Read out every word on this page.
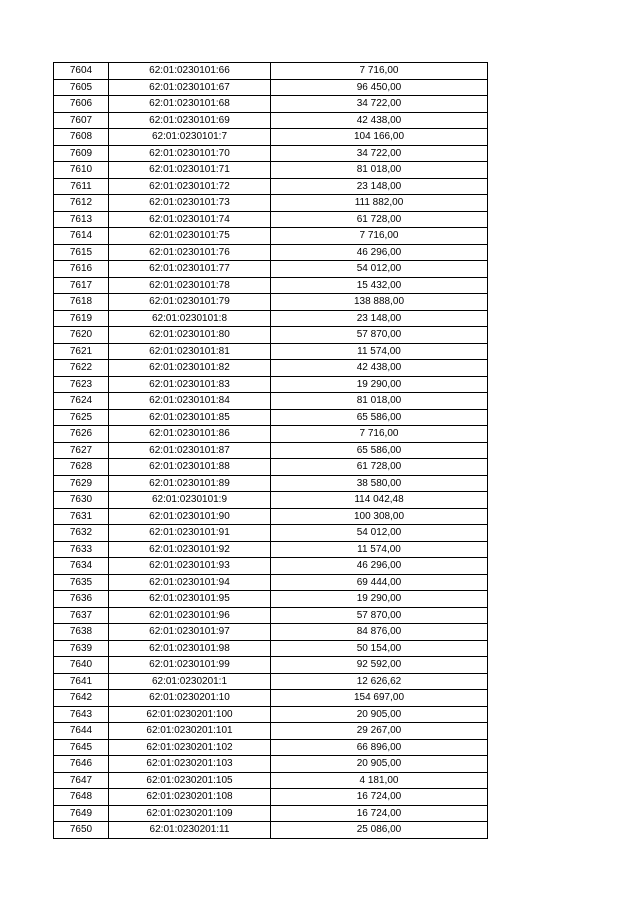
7604	62:01:0230101:66	7 716,00
7605	62:01:0230101:67	96 450,00
7606	62:01:0230101:68	34 722,00
7607	62:01:0230101:69	42 438,00
7608	62:01:0230101:7	104 166,00
7609	62:01:0230101:70	34 722,00
7610	62:01:0230101:71	81 018,00
7611	62:01:0230101:72	23 148,00
7612	62:01:0230101:73	111 882,00
7613	62:01:0230101:74	61 728,00
7614	62:01:0230101:75	7 716,00
7615	62:01:0230101:76	46 296,00
7616	62:01:0230101:77	54 012,00
7617	62:01:0230101:78	15 432,00
7618	62:01:0230101:79	138 888,00
7619	62:01:0230101:8	23 148,00
7620	62:01:0230101:80	57 870,00
7621	62:01:0230101:81	11 574,00
7622	62:01:0230101:82	42 438,00
7623	62:01:0230101:83	19 290,00
7624	62:01:0230101:84	81 018,00
7625	62:01:0230101:85	65 586,00
7626	62:01:0230101:86	7 716,00
7627	62:01:0230101:87	65 586,00
7628	62:01:0230101:88	61 728,00
7629	62:01:0230101:89	38 580,00
7630	62:01:0230101:9	114 042,48
7631	62:01:0230101:90	100 308,00
7632	62:01:0230101:91	54 012,00
7633	62:01:0230101:92	11 574,00
7634	62:01:0230101:93	46 296,00
7635	62:01:0230101:94	69 444,00
7636	62:01:0230101:95	19 290,00
7637	62:01:0230101:96	57 870,00
7638	62:01:0230101:97	84 876,00
7639	62:01:0230101:98	50 154,00
7640	62:01:0230101:99	92 592,00
7641	62:01:0230201:1	12 626,62
7642	62:01:0230201:10	154 697,00
7643	62:01:0230201:100	20 905,00
7644	62:01:0230201:101	29 267,00
7645	62:01:0230201:102	66 896,00
7646	62:01:0230201:103	20 905,00
7647	62:01:0230201:105	4 181,00
7648	62:01:0230201:108	16 724,00
7649	62:01:0230201:109	16 724,00
7650	62:01:0230201:11	25 086,00
